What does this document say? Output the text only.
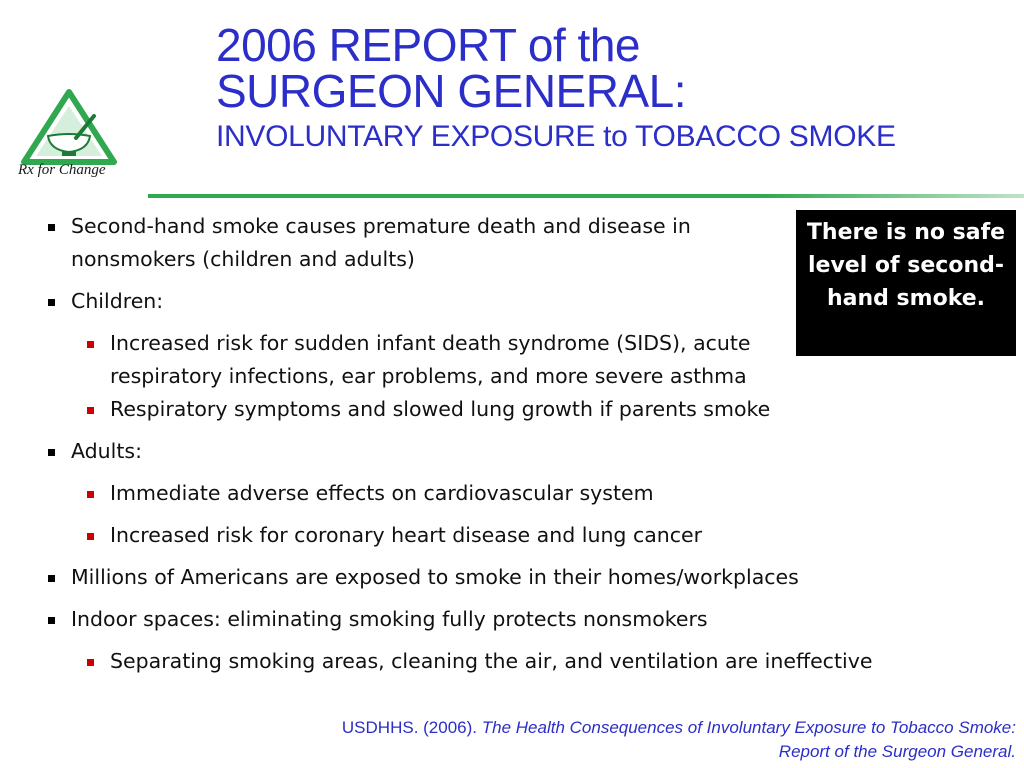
Rx for Change
2006 REPORT of the
SURGEON GENERAL:
INVOLUNTARY EXPOSURE to TOBACCO SMOKE
Second-hand smoke causes premature death and disease in nonsmokers (children and adults)
Children:
Increased risk for sudden infant death syndrome (SIDS), acute respiratory infections, ear problems, and more severe asthma
Respiratory symptoms and slowed lung growth if parents smoke
Adults:
Immediate adverse effects on cardiovascular system
Increased risk for coronary heart disease and lung cancer
Millions of Americans are exposed to smoke in their homes/workplaces
Indoor spaces: eliminating smoking fully protects nonsmokers
Separating smoking areas, cleaning the air, and ventilation are ineffective
There is no safe level of second-hand smoke.
USDHHS. (2006). The Health Consequences of Involuntary Exposure to Tobacco Smoke:
Report of the Surgeon General.
